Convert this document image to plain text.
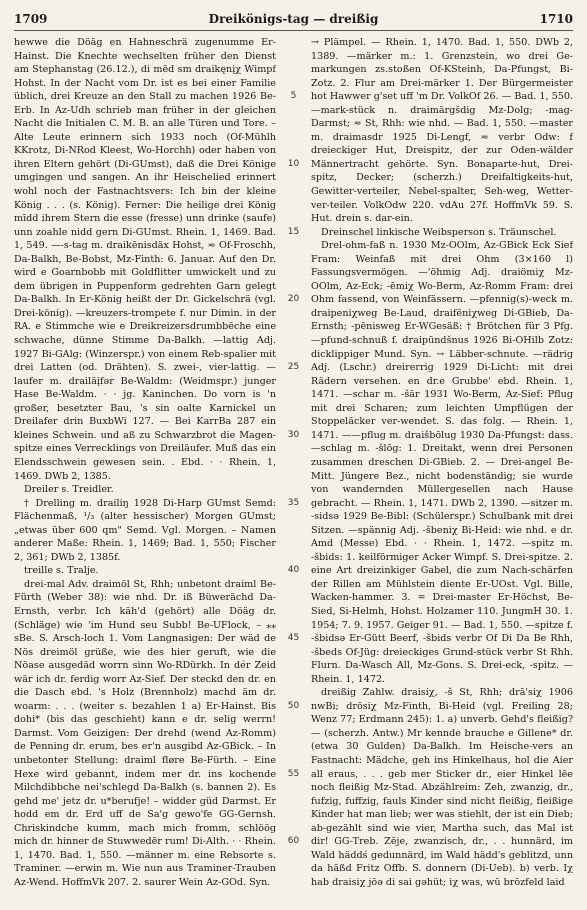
1709	Dreikönigs-tag — dreißig	1710

hewwe die Döäg en Hahneschrä zugenumme Er-Hainst. Die Knechte wechselten früher den Dienst am Stephanstag (26.12.), di mēd sm draikęnįχ Wimpf Hohst. In der Nacht vom Dr. ist es bei einer Familie üblich, drei Kreuze an den Stall zu machen 1926 Be-Erb. In Az-Udh schrieb man früher in der gleichen Nacht die Initialen C. M. B. an alle Türen und Tore. – Alte Leute erinnern sich 1933 noch (Of-Mühlh KKrotz, Di-NRod Kleest, Wo-Horchh) oder haben von ihren Eltern gehört (Di-GUmst), daß die Drei Könige umgingen und sangen. An ihr Heischelied erinnert wohl noch der Fastnachtsvers: Ich bin der kleine König . . . (s. König). Ferner: Die heilige drei König mīdd ihrem Stern die esse (fresse) unn drinke (saufe) unn zoahle nidd gern Di-GUmst. Rhein. 1, 1469. Bad. 1, 549. —-s-tag m. draikēnisdäx Hohst, ≂ Of-Froschh, Da-Balkh, Be-Bobst, Mz-Finth: 6. Januar. Auf den Dr. wird e Goarnbobb mit Goldflitter umwickelt und zu dem übrigen in Puppenform gedrehten Garn gelegt Da-Balkh. In Er-König heißt der Dr. Gickelschrä (vgl. Drei-könig). —kreuzers-trompete f. nur Dimin. in der RA. e Stimmche wie e Dreikreizersdrumbbēche eine schwache, dünne Stimme Da-Balkh. —lattig Adj. 1927 Bi-GAlg: (Winzerspr.) von einem Reb-spalier mit drei Latten (od. Drähten). S. zwei-, vier-lattig. —laufer m. drailäįfər Be-Waldm: (Weidmspr.) junger Hase Be-Waldm. · · jg. Kaninchen. Do vorn is 'n großer, besetzter Bau, 's sin oalte Karnickel un Dreilafer drin BuxbWi 127. — Bei KarrBa 287 ein kleines Schwein. und aß zu Schwarzbrot die Magen-spitze eines Verrecklings von Dreiläufer. Muß das ein Elendsschwein gewesen sein. . Ebd. · · Rhein. 1, 1469. DWb 2, 1385.

Dreiler s. Treidler.

† Drelling m. drailiŋ 1928 Di-Harp GUmst Semd: Flächenmaß, ¹/₃ (alter hessischer) Morgen GUmst; „etwas über 600 qm" Semd. Vgl. Morgen. – Namen anderer Maße: Rhein. 1, 1469; Bad. 1, 550; Fischer 2, 361; DWb 2, 1385f.

treille s. Tralje.

drei-mal Adv. draimöl St, Rhh; unbetont draiml Be-Fürth (Weber 38): wie nhd. Dr. iß Büwerächd Da-Ernsth, verbr. Ich käh'd (gehört) alle Döäg dr. (Schläge) wie 'im Hund seu Subb! Be-UFlock, – ⁎⁎ sBe. S. Arsch-loch 1. Vom Langnasigen: Der wäd de Nös dreimöl grüße, wie des hier geruft, wie die Nöase ausgedäd worrn sinn Wo-RDürkh. In dér Zeid wär ich dr. ferdig worr Az-Sief. Der steckd den dr. en die Dasch ebd. 's Holz (Brennholz) machd äm dr. woarm: . . . (weiter s. bezahlen 1 a) Er-Hainst. Bis dohi* (bis das geschieht) kann e dr. selig werrn! Darmst. Vom Geizigen: Der drehd (wend Az-Romm) de Penning dr. erum, bes er'n ausgibd Az-GBick. – In unbetonter Stellung: draiml fløre Be-Fürth. – Eine Hexe wird gebannt, indem mer dr. ins kochende Milchdibbche nei'schlegd Da-Balkh (s. bannen 2). Es gehd me' jetz dr. u*berufje! – widder güd Darmst. Er hodd em dr. Erd uff de Sa'g gewo'fe GG-Gernsh. Chriskindche kumm, mach mich fromm, schlöög mich dr. hinner de Stuwwedēr rum! Di-Alth. · · Rhein. 1, 1470. Bad. 1, 550. —männer m. eine Rebsorte s. Traminer. —erwin m. Wie nun aus Traminer-Trauben Az-Wend. HoffmVk 207. 2. saurer Wein Az-GOd. Syn.

5
10
15
20
25
30
35
40
45
50
55
60

→ Plämpel. — Rhein. 1, 1470. Bad. 1, 550. DWb 2, 1389. —märker m.: 1. Grenzstein, wo drei Ge-markungen zs.stoßen Of-KSteinh, Da-Pfungst, Bi-Zotz. 2. Flur am Drei-märker 1. Der Bürgermeister hot Hawwer g'set uff 'm Dr. VolkOf 26. — Bad. 1, 550. —mark-stück n. draimārgšdig Mz-Dolg; -mag- Darmst; ≂ St, Rhh: wie nhd. — Bad. 1, 550. —master m. draimasdr 1925 Di-Lengf, ≂ verbr Odw: f dreieckiger Hut, Dreispitz, der zur Oden-wälder Männertracht gehörte. Syn. Bonaparte-hut, Drei-spitz, Decker; (scherzh.) Dreifaltigkeits-hut, Gewitter-verteiler, Nebel-spalter, Seh-weg, Wetter-ver-teiler. VolkOdw 220. vdAu 27f. HoffmVk 59. S. Hut. drein s. dar-ein.

Dreinschel linkische Weibsperson s. Träunschel.

Drel-ohm-faß n. 1930 Mz-OOlm, Az-GBick Eck Sief Fram: Weinfaß mit drei Ohm (3×160 l) Fassungsvermögen. —'öhmig Adj. draiömiχ Mz-OOlm, Az-Eck; -ēmiχ Wo-Berm, Az-Romm Fram: drei Ohm fassend, von Weinfässern. —pfennig(s)-weck m. draipeniχweg Be-Laud, draifēniχweg Di-GBieb, Da-Ernsth; -pēnisweg Er-WGesäß: † Brötchen für 3 Pfg. —pfund-schnuß f. draipūndšnus 1926 Bi-OHilb Zotz: dicklippiger Mund. Syn. → Läbber-schnute. —rädrig Adj. (Lschr.) dreirerrig 1929 Di-Licht: mit drei Rädern versehen. en dr.e Grubbe' ebd. Rhein. 1, 1471. —schar m. -šār 1931 Wo-Berm, Az-Sief: Pflug mit drei Scharen; zum leichten Umpflügen der Stoppeläcker ver-wendet. S. das folg. — Rhein. 1, 1471. ——pflug m. draišbōlug 1930 Da-Pfungst: dass. —schlag m. -šlōg: 1. Dreitakt, wenn drei Personen zusammen dreschen Di-GBieb. 2. — Drei-angel Be-Mitt. Jüngere Bez., nicht bodenständig; sie wurde von wandernden Müllergesellen nach Hause gebracht. — Rhein. 1, 1471. DWb 2, 1390. —sitzer m. -sidsə 1929 Be-Bibl: (Schülerspr.) Schulbank mit drei Sitzen. —spännig Adj. -šbeniχ Bi-Heid: wie nhd. e dr. Amd (Messe) Ebd. · · Rhein. 1, 1472. —spitz m. -šbids: 1. keilförmiger Acker Wimpf. S. Drei-spitze. 2. eine Art dreizinkiger Gabel, die zum Nach-schärfen der Rillen am Mühlstein diente Er-UOst. Vgl. Bille, Wacken-hammer. 3. = Drei-master Er-Höchst, Be-Sied, Si-Helmh, Hohst. Holzamer 110. JungmH 30. 1. 1954; 7. 9. 1957. Geiger 91. — Bad. 1, 550. —spitze f. -šbidsə Er-Gütt Beerf, -šbids verbr Of Di Da Be Rhh, -šbeds Of-Jüg: dreieckiges Grund-stück verbr St Rhh. Flurn. Da-Wasch All, Mz-Gons. S. Drei-eck, -spitz. — Rhein. 1, 1472.

dreißig Zahlw. draisiχ, -š St, Rhh; drā'siχ 1906 nwBi; drōsiχ Mz-Finth, Bi-Heid (vgl. Freiling 28; Wenz 77; Erdmann 245): 1. a) unverb. Gehd's fleißig? — (scherzh. Antw.) Mr kennde brauche e Gillene* dr. (etwa 30 Gulden) Da-Balkh. Im Heische-vers an Fastnacht: Mädche, geh ins Hinkelhaus, hol die Aier all eraus, . . . geb mer Sticker dr., eier Hinkel lēe noch fleißig Mz-Stad. Abzählreim: Zeh, zwanzig, dr., fufzig, fuffzig, fauls Kinder sind nicht fleißig, fleißige Kinder hat man lieb; wer was stiehlt, der ist ein Dieb; ab-gezählt sind wie vier, Martha such, das Mal ist dir! GG-Treb. Zēje, zwanzisch, dr., . . hunnärd, im Wald häddś gedunnärd, im Wald hädd's geblitzd, unn da hāßd Fritz Offb. S. donnern (Di-Ueb). b) verb. Iχ hab draisiχ jōə di sai gəhüt; iχ was, wū brōzfeld laid
